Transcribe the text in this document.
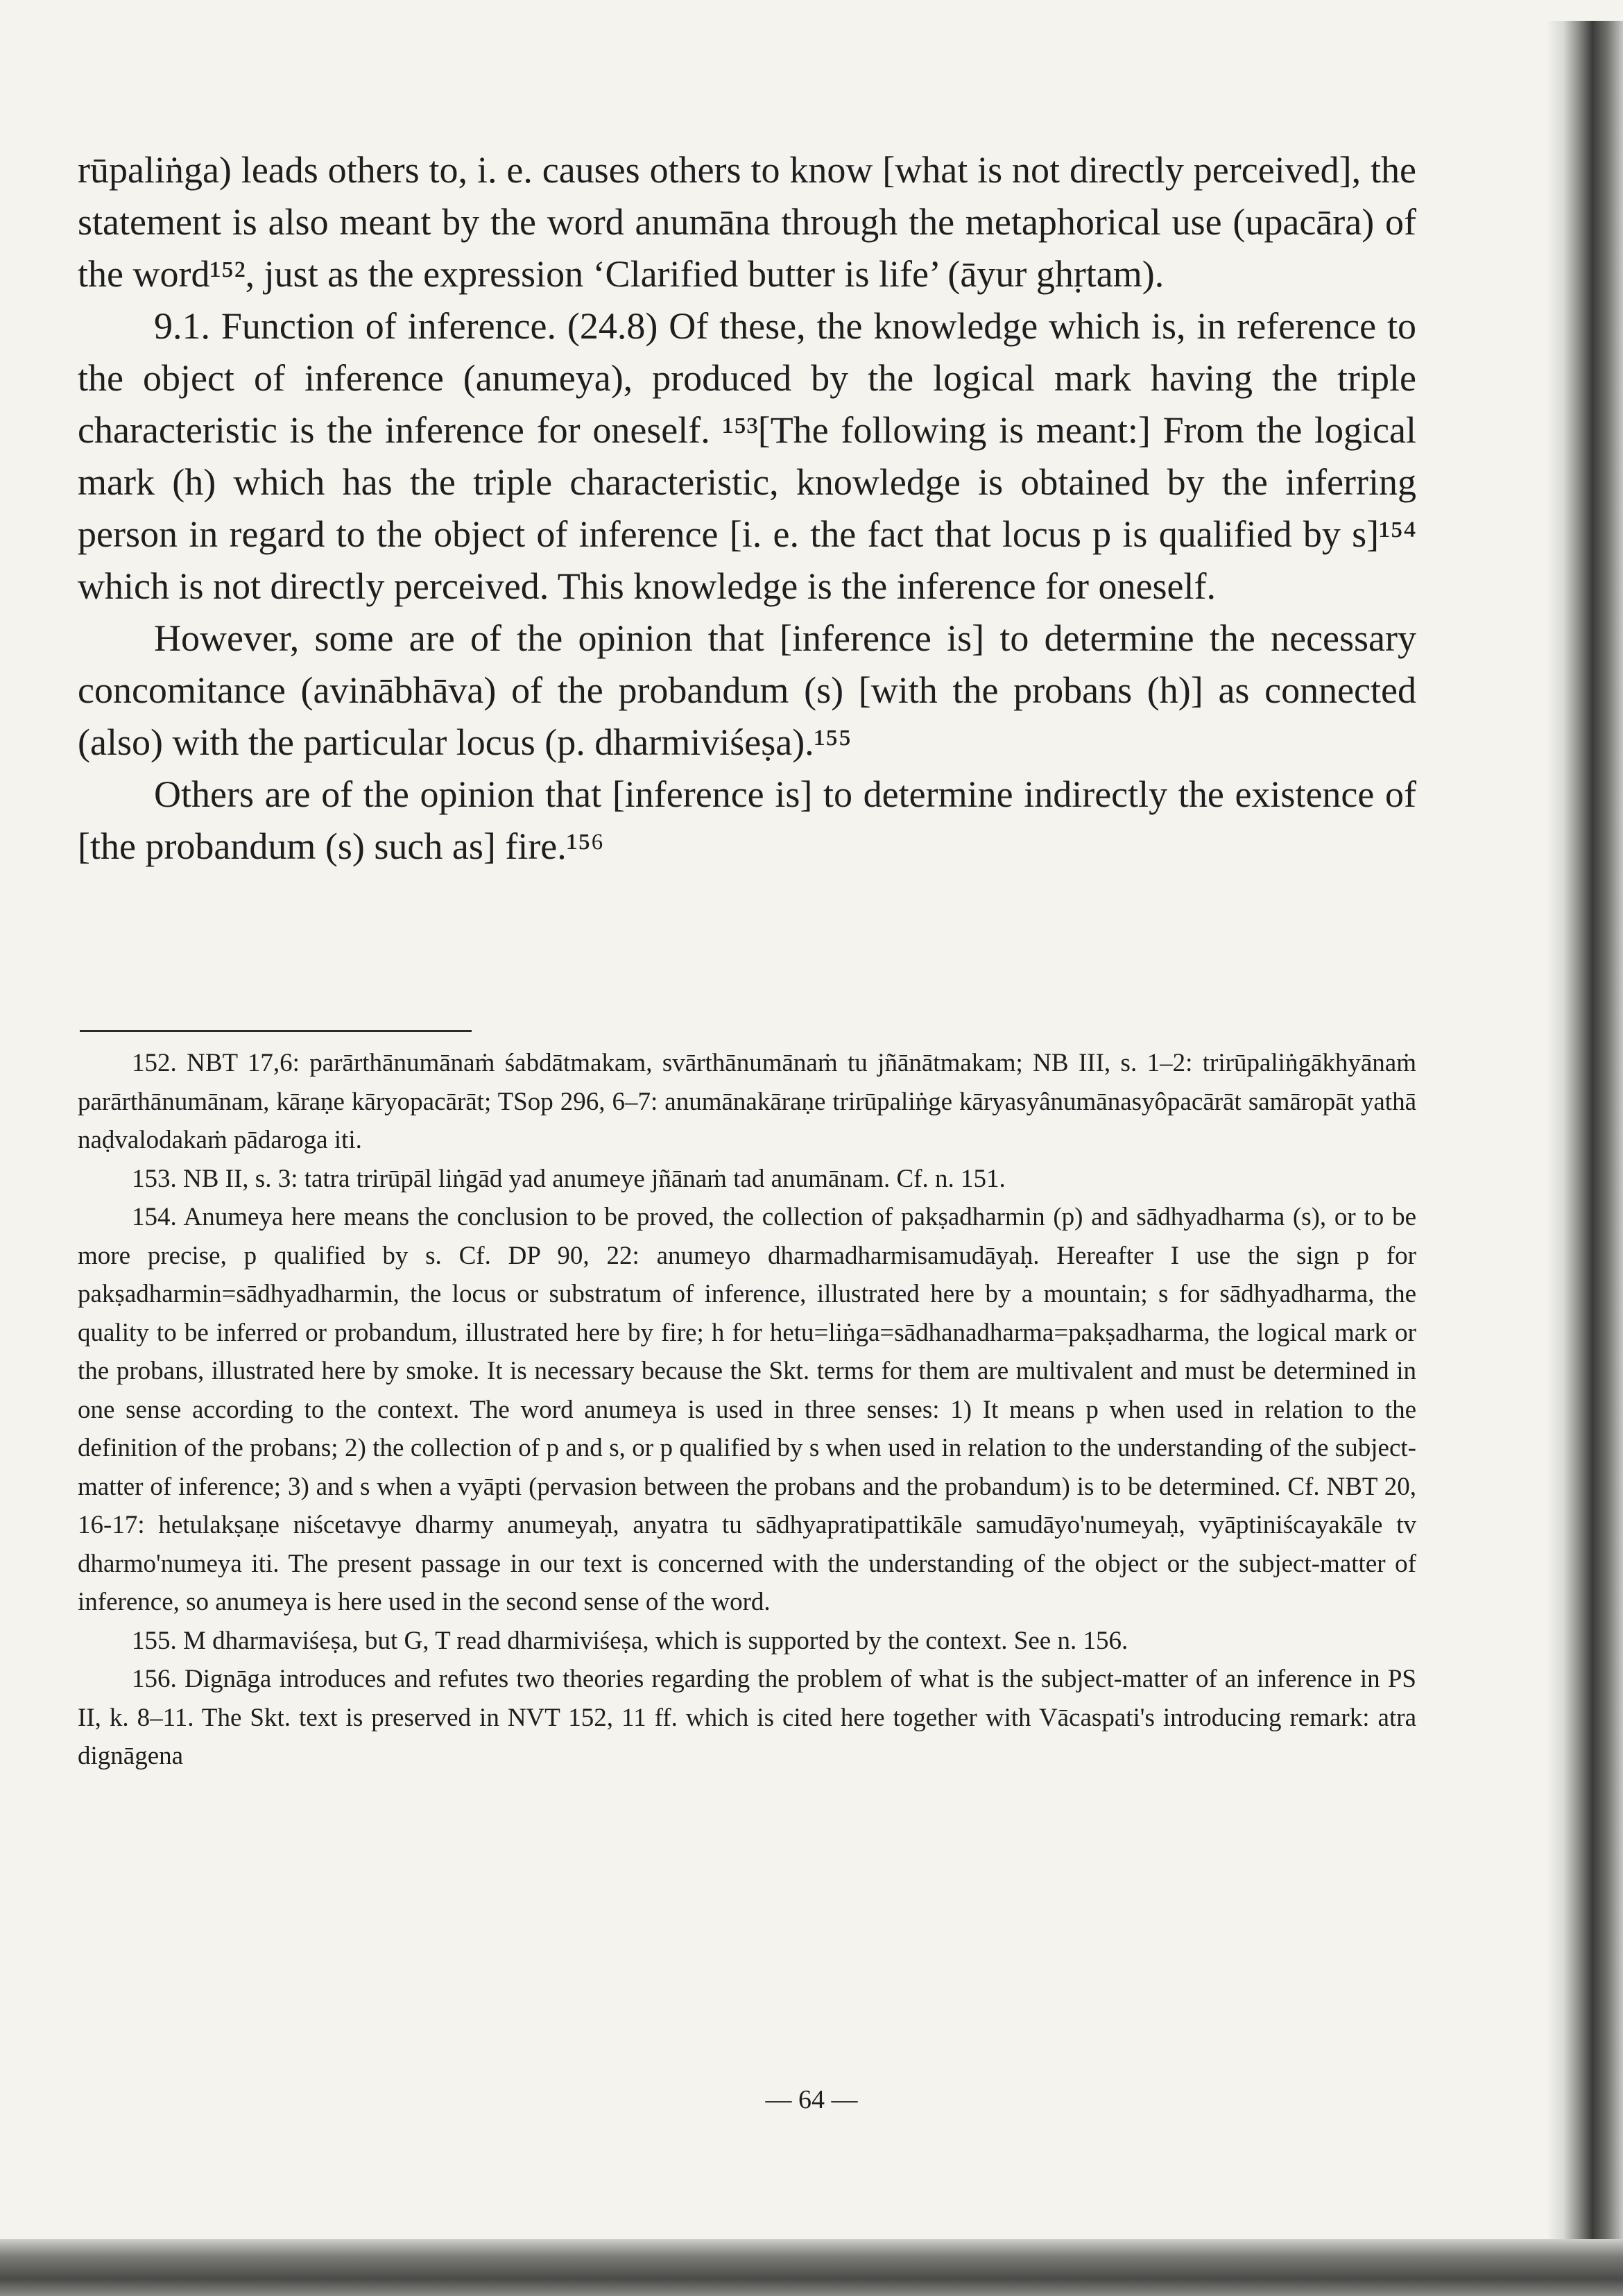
rūpaliṅga) leads others to, i. e. causes others to know [what is not directly perceived], the statement is also meant by the word anumāna through the metaphorical use (upacāra) of the word¹⁵², just as the expression ‘Clarified butter is life’ (āyur ghṛtam).

9.1. Function of inference. (24.8) Of these, the knowledge which is, in reference to the object of inference (anumeya), produced by the logical mark having the triple characteristic is the inference for oneself. ¹⁵³[The following is meant:] From the logical mark (h) which has the triple characteristic, knowledge is obtained by the inferring person in regard to the object of inference [i. e. the fact that locus p is qualified by s]¹⁵⁴ which is not directly perceived. This knowledge is the inference for oneself.

However, some are of the opinion that [inference is] to determine the necessary concomitance (avinābhāva) of the probandum (s) [with the probans (h)] as connected (also) with the particular locus (p. dharmiviśeṣa).¹⁵⁵

Others are of the opinion that [inference is] to determine indirectly the existence of [the probandum (s) such as] fire.¹⁵⁶

152. NBT 17,6: parārthānumānaṁ śabdātmakam, svārthānumānaṁ tu jñānātmakam; NB III, s. 1–2: trirūpaliṅgākhyānaṁ parārthānumānam, kāraṇe kāryopacārāt; TSop 296, 6–7: anumānakāraṇe trirūpaliṅge kāryasyânumānasyôpacārāt samāropāt yathā naḍvalodakaṁ pādaroga iti.

153. NB II, s. 3: tatra trirūpāl liṅgād yad anumeye jñānaṁ tad anumānam. Cf. n. 151.

154. Anumeya here means the conclusion to be proved, the collection of pakṣadharmin (p) and sādhyadharma (s), or to be more precise, p qualified by s. Cf. DP 90, 22: anumeyo dharmadharmisamudāyaḥ. Hereafter I use the sign p for pakṣadharmin=sādhyadharmin, the locus or substratum of inference, illustrated here by a mountain; s for sādhyadharma, the quality to be inferred or probandum, illustrated here by fire; h for hetu=liṅga=sādhanadharma=pakṣadharma, the logical mark or the probans, illustrated here by smoke. It is necessary because the Skt. terms for them are multivalent and must be determined in one sense according to the context. The word anumeya is used in three senses: 1) It means p when used in relation to the definition of the probans; 2) the collection of p and s, or p qualified by s when used in relation to the understanding of the subject-matter of inference; 3) and s when a vyāpti (pervasion between the probans and the probandum) is to be determined. Cf. NBT 20, 16-17: hetulakṣaṇe niścetavye dharmy anumeyaḥ, anyatra tu sādhyapratipattikāle samudāyo'numeyaḥ, vyāptiniścayakāle tv dharmo'numeya iti. The present passage in our text is concerned with the understanding of the object or the subject-matter of inference, so anumeya is here used in the second sense of the word.

155. M dharmaviśeṣa, but G, T read dharmiviśeṣa, which is supported by the context. See n. 156.

156. Dignāga introduces and refutes two theories regarding the problem of what is the subject-matter of an inference in PS II, k. 8–11. The Skt. text is preserved in NVT 152, 11 ff. which is cited here together with Vācaspati's introducing remark: atra dignāgena

— 64 —
